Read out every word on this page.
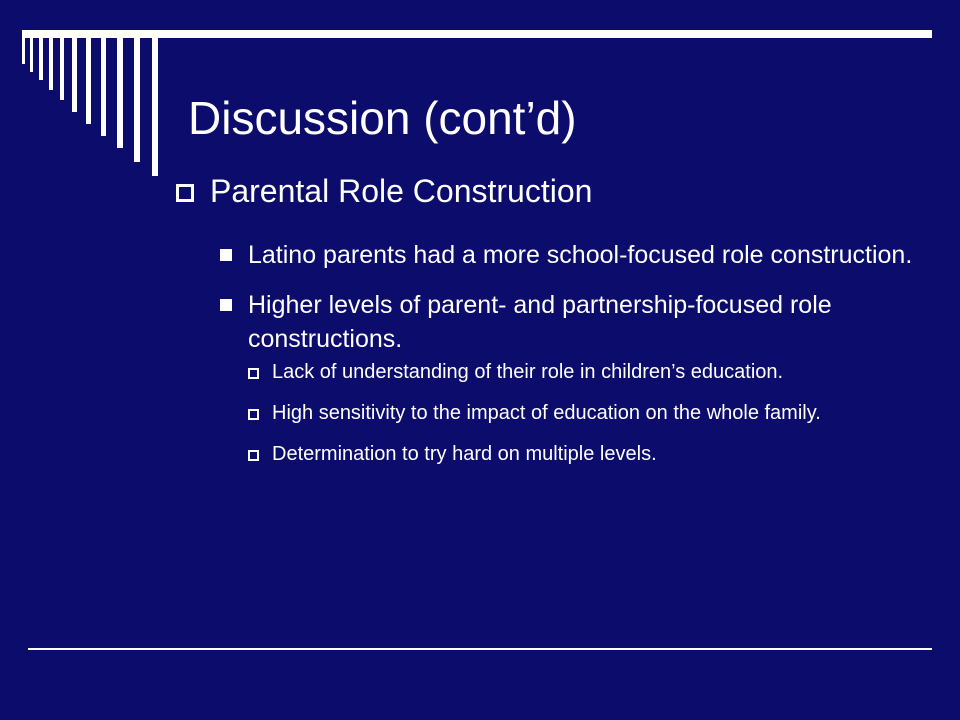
Discussion (cont’d)
Parental Role Construction
Latino parents had a more school-focused role construction.
Higher levels of parent- and partnership-focused role constructions.
Lack of understanding of their role in children’s education.
High sensitivity to the impact of education on the whole family.
Determination to try hard on multiple levels.
